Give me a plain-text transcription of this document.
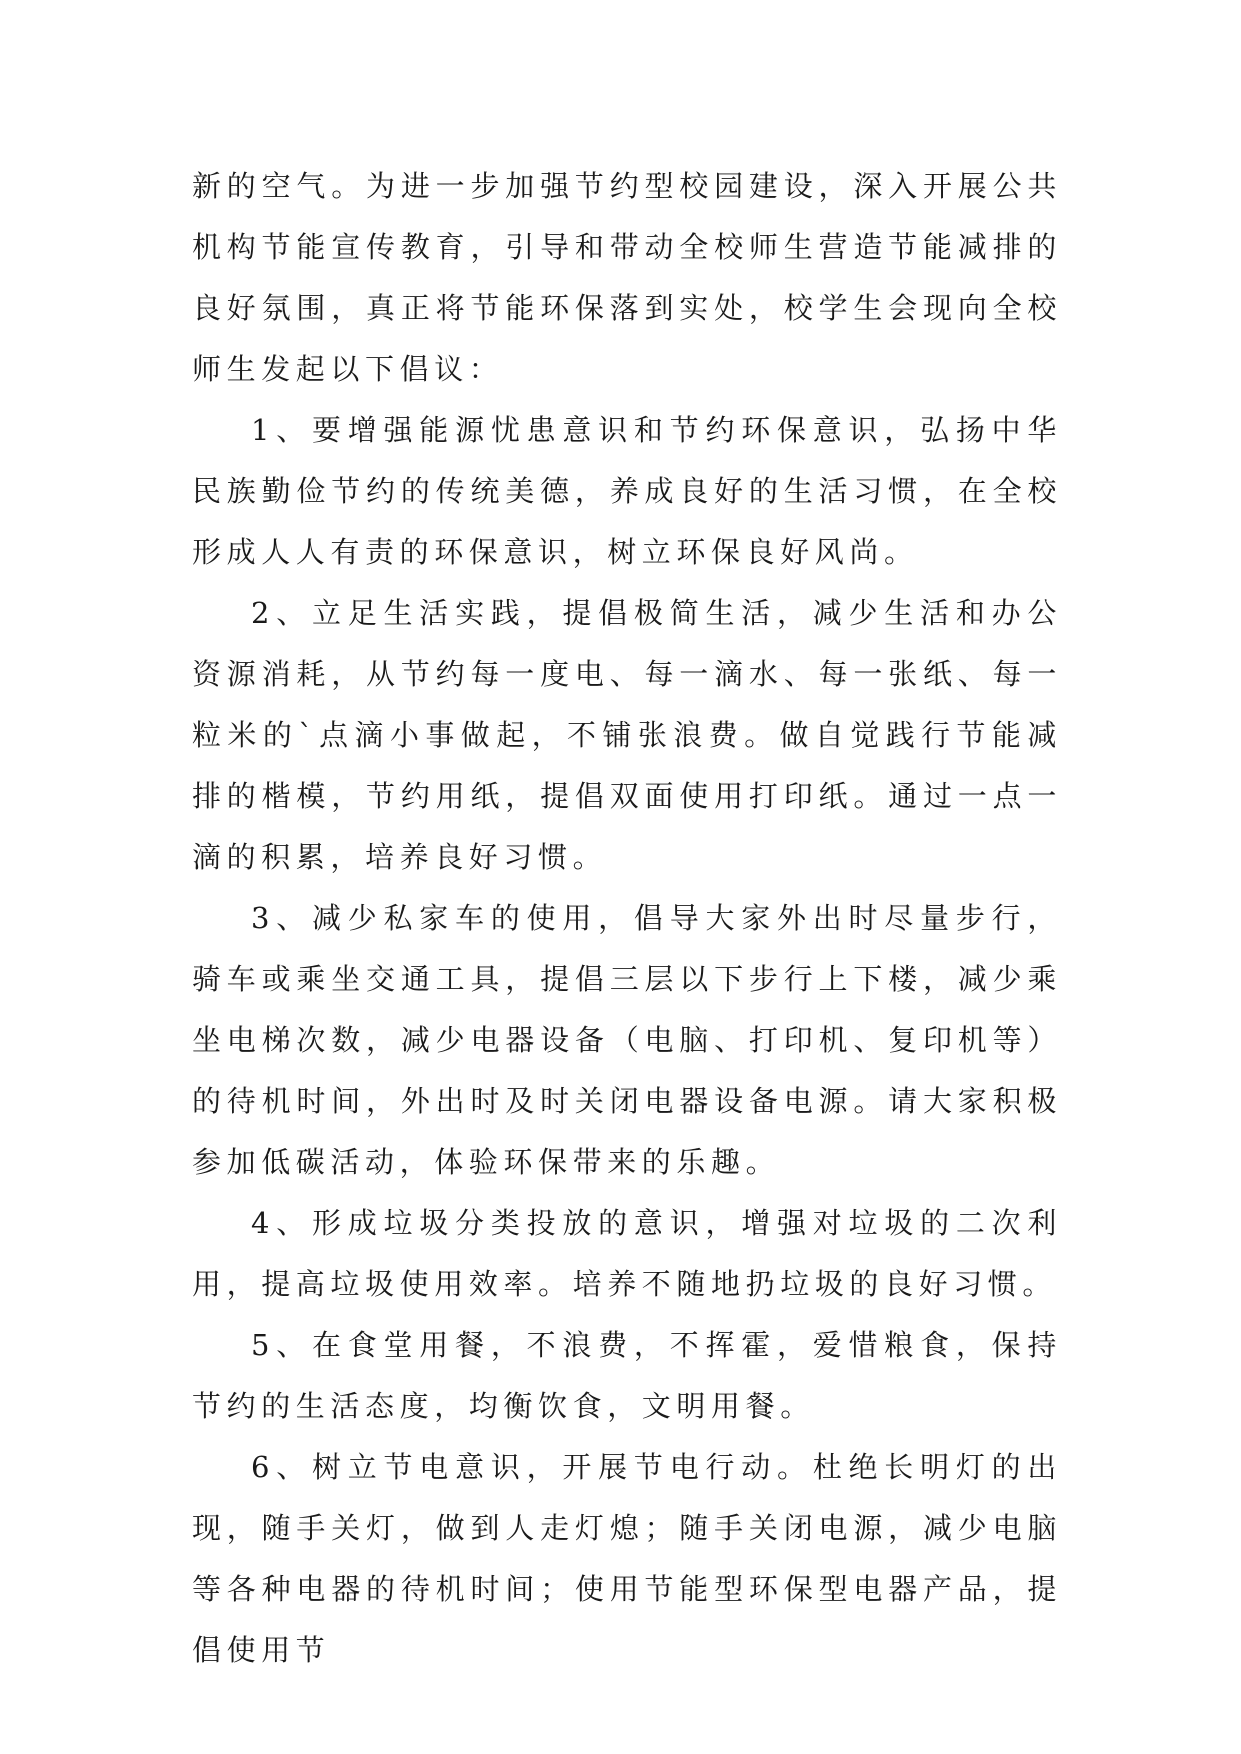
新的空气。为进一步加强节约型校园建设，深入开展公共机构节能宣传教育，引导和带动全校师生营造节能减排的良好氛围，真正将节能环保落到实处，校学生会现向全校师生发起以下倡议：

1、要增强能源忧患意识和节约环保意识，弘扬中华民族勤俭节约的传统美德，养成良好的生活习惯，在全校形成人人有责的环保意识，树立环保良好风尚。

2、立足生活实践，提倡极简生活，减少生活和办公资源消耗，从节约每一度电、每一滴水、每一张纸、每一粒米的`点滴小事做起，不铺张浪费。做自觉践行节能减排的楷模，节约用纸，提倡双面使用打印纸。通过一点一滴的积累，培养良好习惯。

3、减少私家车的使用，倡导大家外出时尽量步行，骑车或乘坐交通工具，提倡三层以下步行上下楼，减少乘坐电梯次数，减少电器设备（电脑、打印机、复印机等）的待机时间，外出时及时关闭电器设备电源。请大家积极参加低碳活动，体验环保带来的乐趣。

4、形成垃圾分类投放的意识，增强对垃圾的二次利用，提高垃圾使用效率。培养不随地扔垃圾的良好习惯。

5、在食堂用餐，不浪费，不挥霍，爱惜粮食，保持节约的生活态度，均衡饮食，文明用餐。

6、树立节电意识，开展节电行动。杜绝长明灯的出现，随手关灯，做到人走灯熄；随手关闭电源，减少电脑等各种电器的待机时间；使用节能型环保型电器产品，提倡使用节
